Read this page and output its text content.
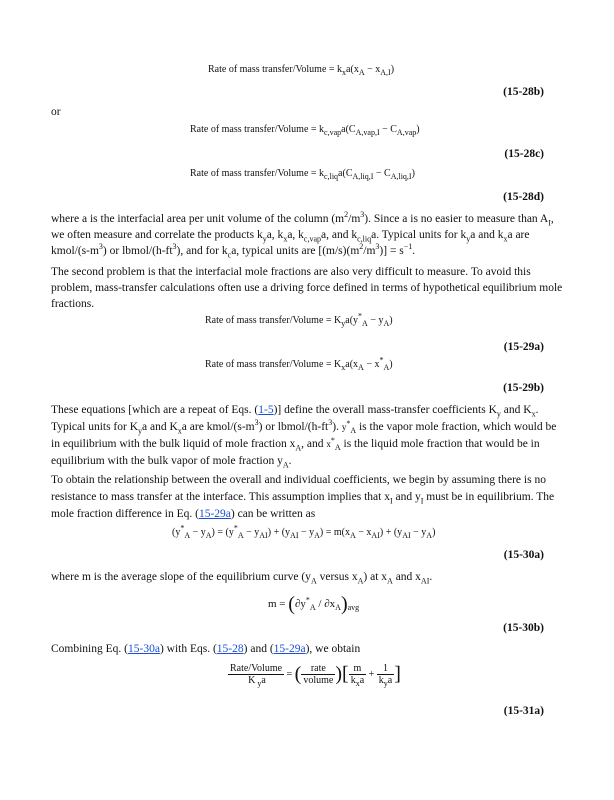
Rate of mass transfer/Volume = $k_xa(x_A - x_{A,I})$
(15-28b)
or
Rate of mass transfer/Volume = $k_{c,vap}a(C_{A,vap,I} - C_{A,vap})$
(15-28c)
Rate of mass transfer/Volume = $k_{c,liq}a(C_{A,liq,I} - C_{A,liq,I})$
(15-28d)
where a is the interfacial area per unit volume of the column $(m^2/m^3)$. Since a is no easier to measure than $A_I$, we often measure and correlate the products $k_ya$, $k_xa$, $k_{c,vap}a$, and $k_{c,liq}a$. Typical units for $k_ya$ and $k_xa$ are kmol/$(s-m^3)$ or lbmol/$(h-ft^3)$, and for $k_ca$, typical units are $[(m/s)(m^2/m^3)] = s^{-1}$.
The second problem is that the interfacial mole fractions are also very difficult to measure. To avoid this problem, mass-transfer calculations often use a driving force defined in terms of hypothetical equilibrium mole fractions.
Rate of mass transfer/Volume = $K_ya(y^*_A - y_A)$
(15-29a)
Rate of mass transfer/Volume = $K_xa(x_A - x^*_A)$
(15-29b)
These equations [which are a repeat of Eqs. (1-5)] define the overall mass-transfer coefficients $K_y$ and $K_x$. Typical units for $K_ya$ and $K_xa$ are kmol/$(s-m^3)$ or lbmol/$(h-ft^3)$. $y^*_A$ is the vapor mole fraction, which would be in equilibrium with the bulk liquid of mole fraction $x_A$, and $x^*_A$ is the liquid mole fraction that would be in equilibrium with the bulk vapor of mole fraction $y_A$.
To obtain the relationship between the overall and individual coefficients, we begin by assuming there is no resistance to mass transfer at the interface. This assumption implies that $x_I$ and $y_I$ must be in equilibrium. The mole fraction difference in Eq. (15-29a) can be written as
$(y^*_A - y_A) = (y^*_A - y_{AI}) + (y_{AI} - y_A) = m(x_A - x_{AI}) + (y_{AI} - y_A)$
(15-30a)
where m is the average slope of the equilibrium curve ($y_A$ versus $x_A$) at $x_A$ and $x_{AI}$.
$m = (\partial y^*_A / \partial x_A)_{avg}$
(15-30b)
Combining Eq. (15-30a) with Eqs. (15-28) and (15-29a), we obtain
$\frac{\text{Rate/Volume}}{K _ya}$ = ( $\frac{\text{rate}}{\text{volume}}$ )[ $\frac{m}{k_xa} + \frac{1}{k_ya}$ ]
(15-31a)
